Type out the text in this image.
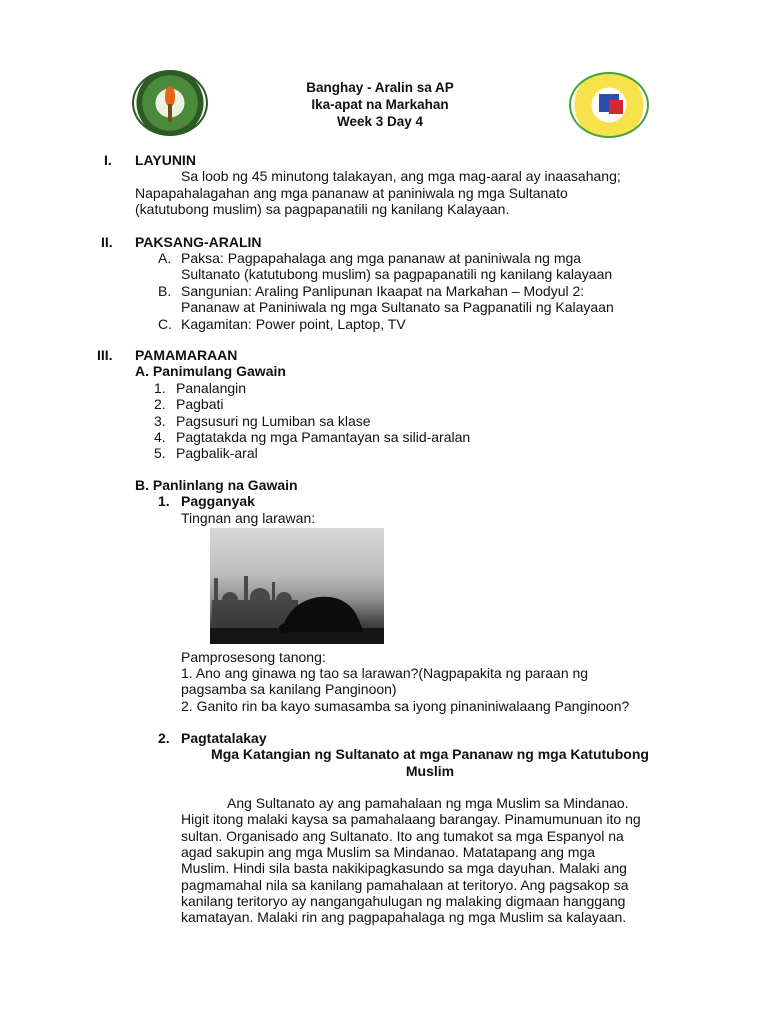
Banghay - Aralin sa AP
Ika-apat na Markahan
Week 3 Day 4
I. LAYUNIN
Sa loob ng 45 minutong talakayan, ang mga mag-aaral ay inaasahang;
Napapahalagahan ang mga pananaw at paniniwala ng mga Sultanato
(katutubong muslim) sa pagpapanatili ng kanilang Kalayaan.
II. PAKSANG-ARALIN
A. Paksa: Pagpapahalaga ang mga pananaw at paniniwala ng mga
Sultanato (katutubong muslim) sa pagpapanatili ng kanilang kalayaan
B. Sangunian: Araling Panlipunan Ikaapat na Markahan – Modyul 2:
Pananaw at Paniniwala ng mga Sultanato sa Pagpanatili ng Kalayaan
C. Kagamitan: Power point, Laptop, TV
III. PAMAMARAAN
A. Panimulang Gawain
1. Panalangin
2. Pagbati
3. Pagsusuri ng Lumiban sa klase
4. Pagtatakda ng mga Pamantayan sa silid-aralan
5. Pagbalik-aral
B. Panlinlang na Gawain
1. Pagganyak
Tingnan ang larawan:
Pamprosesong tanong:
1. Ano ang ginawa ng tao sa larawan?(Nagpapakita ng paraan ng
pagsamba sa kanilang Panginoon)
2. Ganito rin ba kayo sumasamba sa iyong pinaniniwalaang Panginoon?
2. Pagtatalakay
Mga Katangian ng Sultanato at mga Pananaw ng mga Katutubong
Muslim
Ang Sultanato ay ang pamahalaan ng mga Muslim sa Mindanao.
Higit itong malaki kaysa sa pamahalaang barangay. Pinamumunuan ito ng
sultan. Organisado ang Sultanato. Ito ang tumakot sa mga Espanyol na
agad sakupin ang mga Muslim sa Mindanao. Matatapang ang mga
Muslim. Hindi sila basta nakikipagkasundo sa mga dayuhan. Malaki ang
pagmamahal nila sa kanilang pamahalaan at teritoryo. Ang pagsakop sa
kanilang teritoryo ay nangangahulugan ng malaking digmaan hanggang
kamatayan. Malaki rin ang pagpapahalaga ng mga Muslim sa kalayaan.
